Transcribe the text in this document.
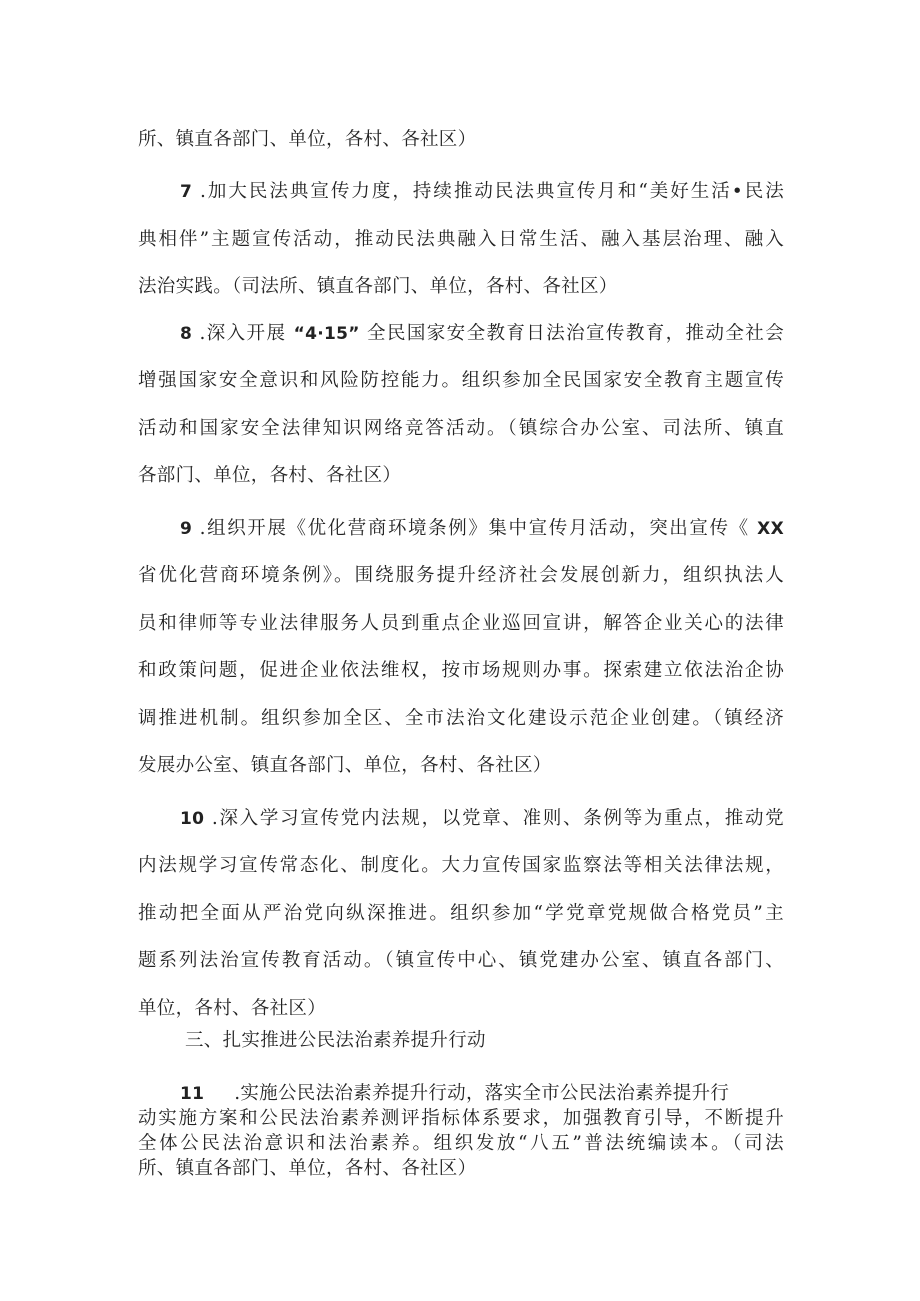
所、镇直各部门、单位，各村、各社区）
7 .加大民法典宣传力度，持续推动民法典宣传月和“美好生活•民法
典相伴”主题宣传活动，推动民法典融入日常生活、融入基层治理、融入
法治实践。（司法所、镇直各部门、单位，各村、各社区）
8 .深入开展 “4·15” 全民国家安全教育日法治宣传教育，推动全社会
增强国家安全意识和风险防控能力。组织参加全民国家安全教育主题宣传
活动和国家安全法律知识网络竞答活动。（镇综合办公室、司法所、镇直
各部门、单位，各村、各社区）
9 .组织开展《优化营商环境条例》集中宣传月活动，突出宣传《 XX
省优化营商环境条例》。围绕服务提升经济社会发展创新力，组织执法人
员和律师等专业法律服务人员到重点企业巡回宣讲，解答企业关心的法律
和政策问题，促进企业依法维权，按市场规则办事。探索建立依法治企协
调推进机制。组织参加全区、全市法治文化建设示范企业创建。（镇经济
发展办公室、镇直各部门、单位，各村、各社区）
10 .深入学习宣传党内法规，以党章、准则、条例等为重点，推动党
内法规学习宣传常态化、制度化。大力宣传国家监察法等相关法律法规，
推动把全面从严治党向纵深推进。组织参加“学党章党规做合格党员”主
题系列法治宣传教育活动。（镇宣传中心、镇党建办公室、镇直各部门、
单位，各村、各社区）
三、扎实推进公民法治素养提升行动
11 .实施公民法治素养提升行动，落实全市公民法治素养提升行
动实施方案和公民法治素养测评指标体系要求，加强教育引导，不断提升
全体公民法治意识和法治素养。组织发放“八五”普法统编读本。（司法
所、镇直各部门、单位，各村、各社区）
